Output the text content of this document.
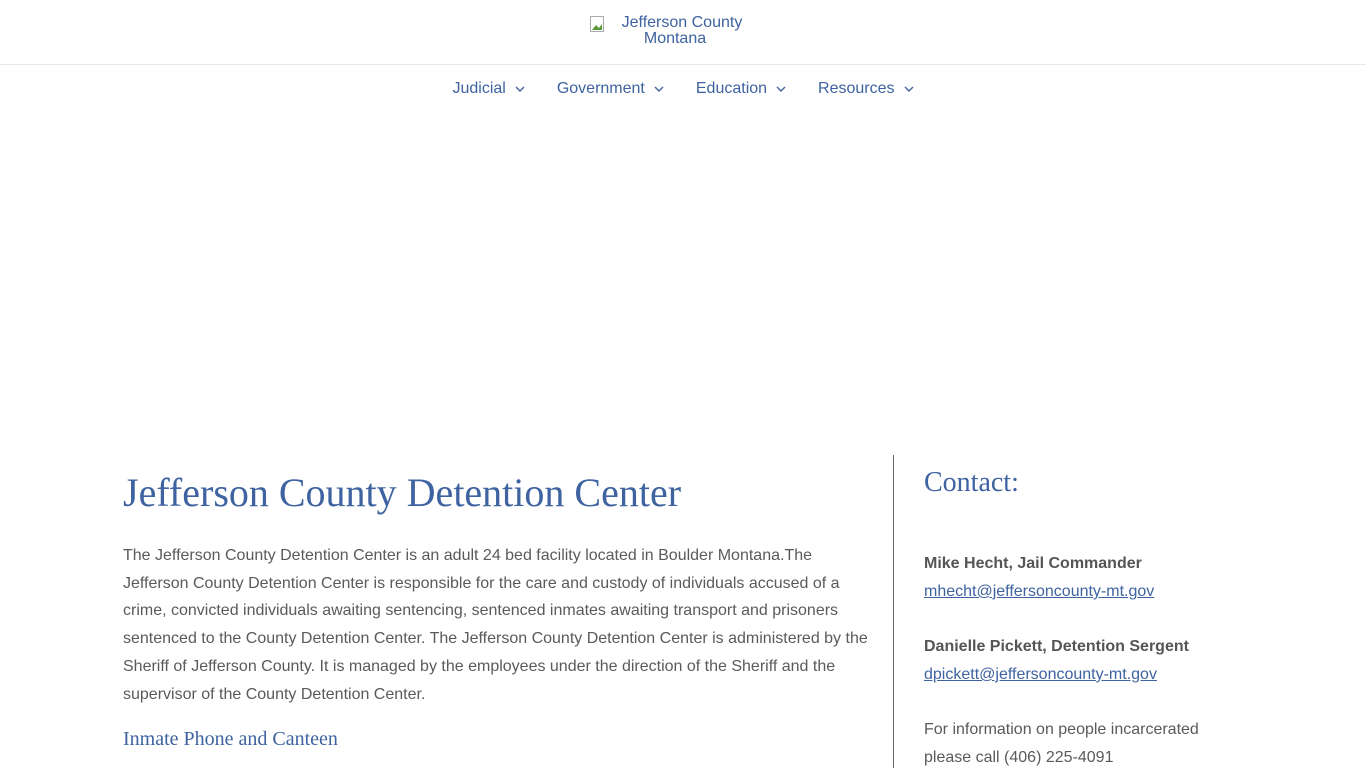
Jefferson County
Montana
Judicial	Government	Education	Resources
Jefferson County Detention Center

The Jefferson County Detention Center is an adult 24 bed facility located in Boulder Montana.The Jefferson County Detention Center is responsible for the care and custody of individuals accused of a crime, convicted individuals awaiting sentencing, sentenced inmates awaiting transport and prisoners sentenced to the County Detention Center. The Jefferson County Detention Center is administered by the Sheriff of Jefferson County. It is managed by the employees under the direction of the Sheriff and the supervisor of the County Detention Center.

Inmate Phone and Canteen
Contact:
Mike Hecht, Jail Commander
mhecht@jeffersoncounty-mt.gov
Danielle Pickett, Detention Sergent
dpickett@jeffersoncounty-mt.gov
For information on people incarcerated
please call (406) 225-4091
